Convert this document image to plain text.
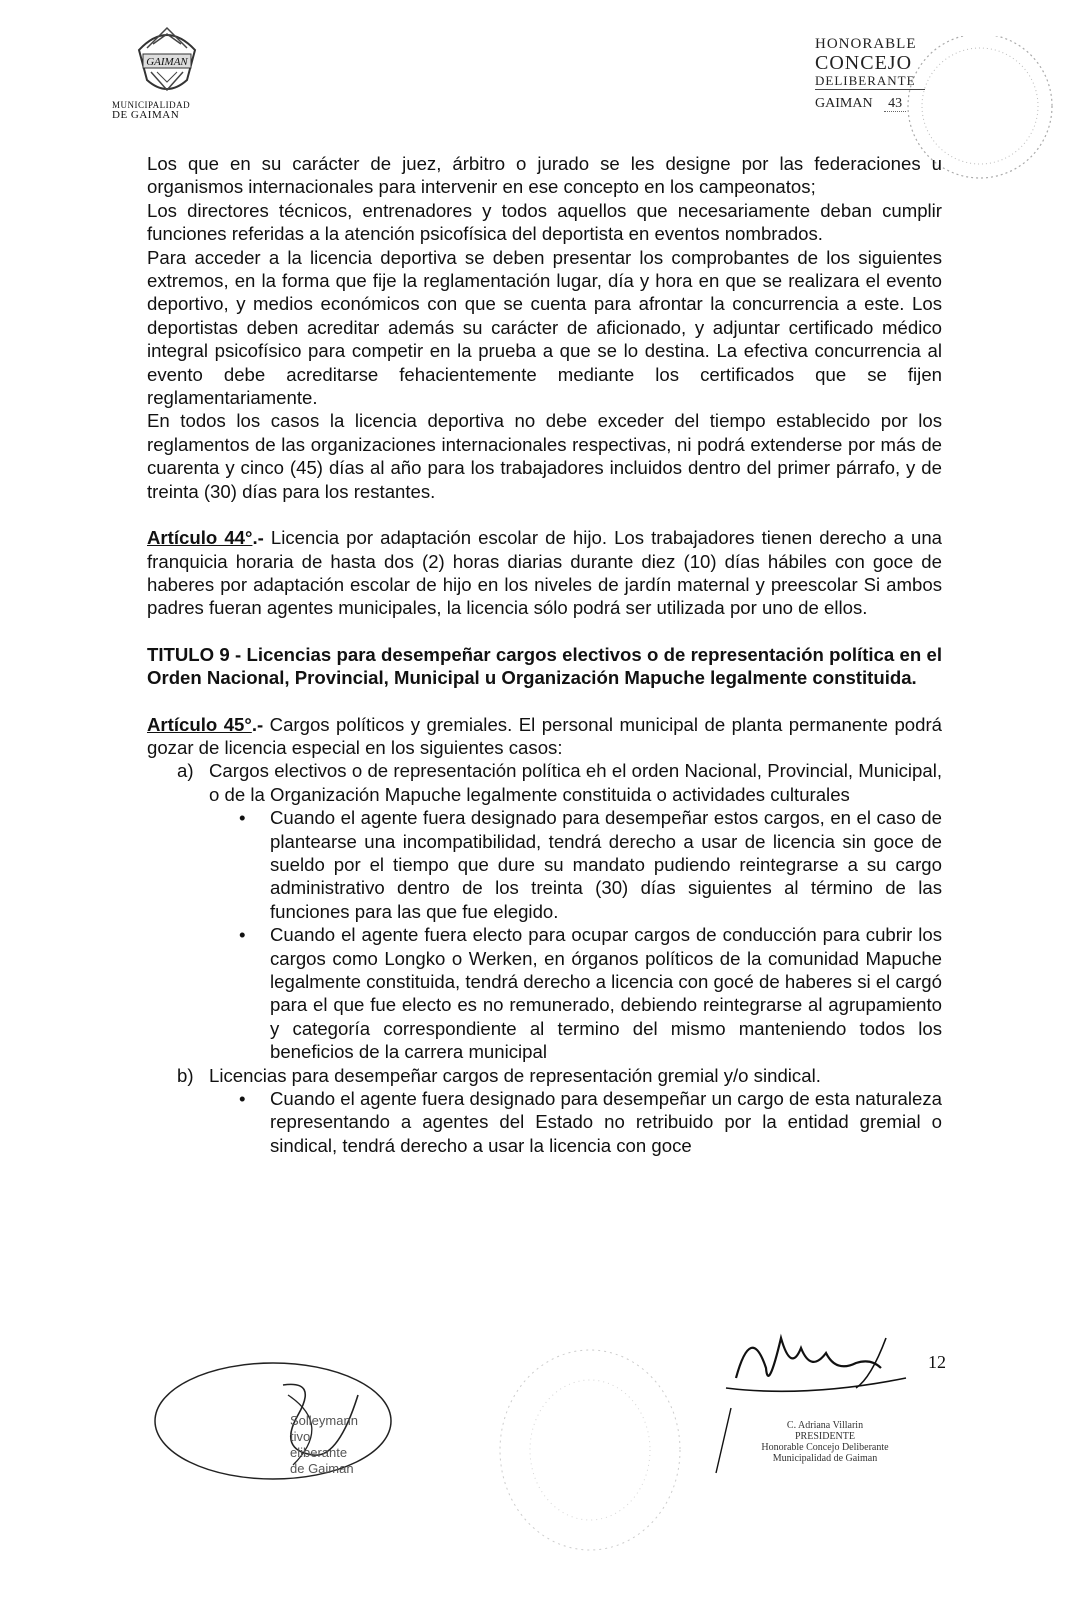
GAIMAN
MUNICIPALIDAD
DE GAIMAN
HONORABLE
CONCEJO
DELIBERANTE
GAIMAN 43

Los que en su carácter de juez, árbitro o jurado se les designe por las federaciones u organismos internacionales para intervenir en ese concepto en los campeonatos;

Los directores técnicos, entrenadores y todos aquellos que necesariamente deban cumplir funciones referidas a la atención psicofísica del deportista en eventos nombrados.

Para acceder a la licencia deportiva se deben presentar los comprobantes de los siguientes extremos, en la forma que fije la reglamentación lugar, día y hora en que se realizara el evento deportivo, y medios económicos con que se cuenta para afrontar la concurrencia a este. Los deportistas deben acreditar además su carácter de aficionado, y adjuntar certificado médico integral psicofísico para competir en la prueba a que se lo destina. La efectiva concurrencia al evento debe acreditarse fehacientemente mediante los certificados que se fijen reglamentariamente.

En todos los casos la licencia deportiva no debe exceder del tiempo establecido por los reglamentos de las organizaciones internacionales respectivas, ni podrá extenderse por más de cuarenta y cinco (45) días al año para los trabajadores incluidos dentro del primer párrafo, y de treinta (30) días para los restantes.

Artículo 44°.- Licencia por adaptación escolar de hijo. Los trabajadores tienen derecho a una franquicia horaria de hasta dos (2) horas diarias durante diez (10) días hábiles con goce de haberes por adaptación escolar de hijo en los niveles de jardín maternal y preescolar Si ambos padres fueran agentes municipales, la licencia sólo podrá ser utilizada por uno de ellos.

TITULO 9 - Licencias para desempeñar cargos electivos o de representación política en el Orden Nacional, Provincial, Municipal u Organización Mapuche legalmente constituida.

Artículo 45°.- Cargos políticos y gremiales. El personal municipal de planta permanente podrá gozar de licencia especial en los siguientes casos:

a) Cargos electivos o de representación política eh el orden Nacional, Provincial, Municipal, o de la Organización Mapuche legalmente constituida o actividades culturales

• Cuando el agente fuera designado para desempeñar estos cargos, en el caso de plantearse una incompatibilidad, tendrá derecho a usar de licencia sin goce de sueldo por el tiempo que dure su mandato pudiendo reintegrarse a su cargo administrativo dentro de los treinta (30) días siguientes al término de las funciones para las que fue elegido.

• Cuando el agente fuera electo para ocupar cargos de conducción para cubrir los cargos como Longko o Werken, en órganos políticos de la comunidad Mapuche legalmente constituida, tendrá derecho a licencia con gocé de haberes si el cargó para el que fue electo es no remunerado, debiendo reintegrarse al agrupamiento y categoría correspondiente al termino del mismo manteniendo todos los beneficios de la carrera municipal

b) Licencias para desempeñar cargos de representación gremial y/o sindical.

• Cuando el agente fuera designado para desempeñar un cargo de esta naturaleza representando a agentes del Estado no retribuido por la entidad gremial o sindical, tendrá derecho a usar la licencia con goce

12
Solleymann
tivo
eliberante
de Gaiman
C. Adriana Villarin
PRESIDENTE
Honorable Concejo Deliberante
Municipalidad de Gaiman
